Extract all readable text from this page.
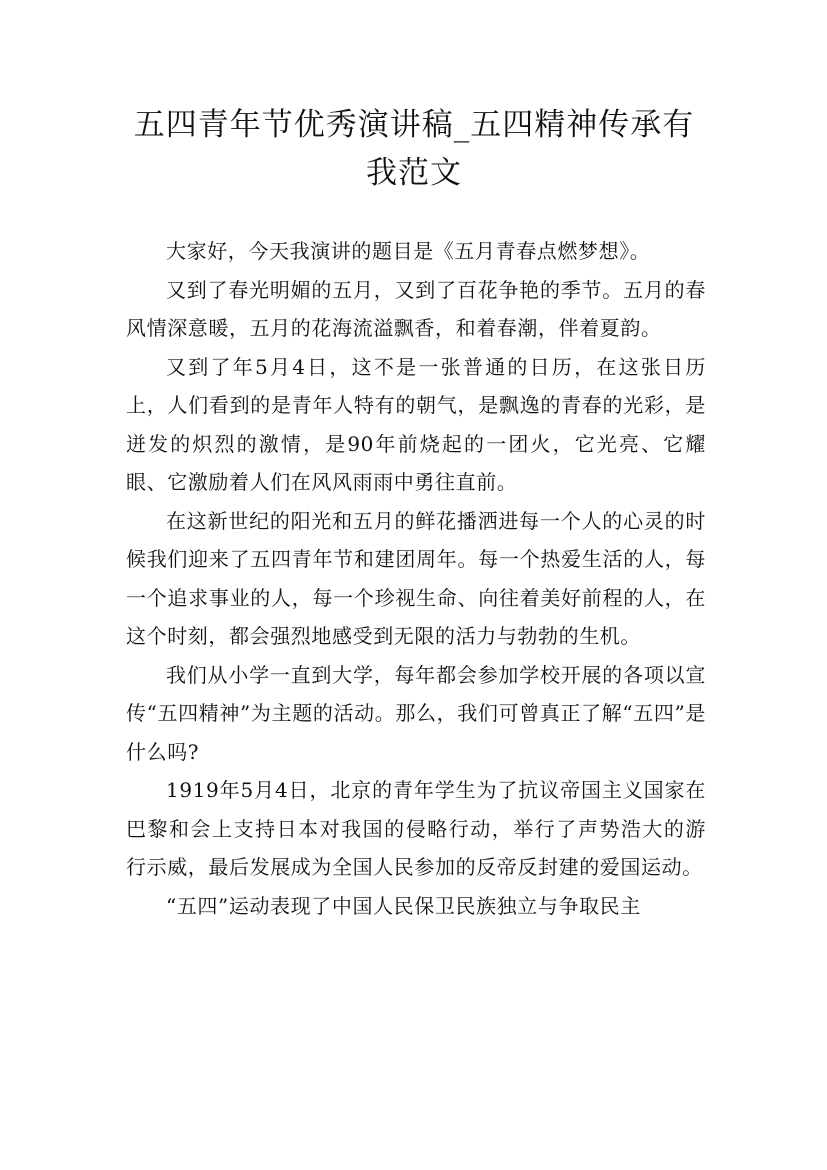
五四青年节优秀演讲稿_五四精神传承有我范文

大家好，今天我演讲的题目是《五月青春点燃梦想》。

又到了春光明媚的五月，又到了百花争艳的季节。五月的春风情深意暖，五月的花海流溢飘香，和着春潮，伴着夏韵。

又到了年5月4日，这不是一张普通的日历，在这张日历上，人们看到的是青年人特有的朝气，是飘逸的青春的光彩，是迸发的炽烈的激情，是90年前烧起的一团火，它光亮、它耀眼、它激励着人们在风风雨雨中勇往直前。

在这新世纪的阳光和五月的鲜花播洒进每一个人的心灵的时候我们迎来了五四青年节和建团周年。每一个热爱生活的人，每一个追求事业的人，每一个珍视生命、向往着美好前程的人，在这个时刻，都会强烈地感受到无限的活力与勃勃的生机。

我们从小学一直到大学，每年都会参加学校开展的各项以宣传“五四精神”为主题的活动。那么，我们可曾真正了解“五四”是什么吗?

1919年5月4日，北京的青年学生为了抗议帝国主义国家在巴黎和会上支持日本对我国的侵略行动，举行了声势浩大的游 行示威，最后发展成为全国人民参加的反帝反封建的爱国运动。

“五四”运动表现了中国人民保卫民族独立与争取民主
